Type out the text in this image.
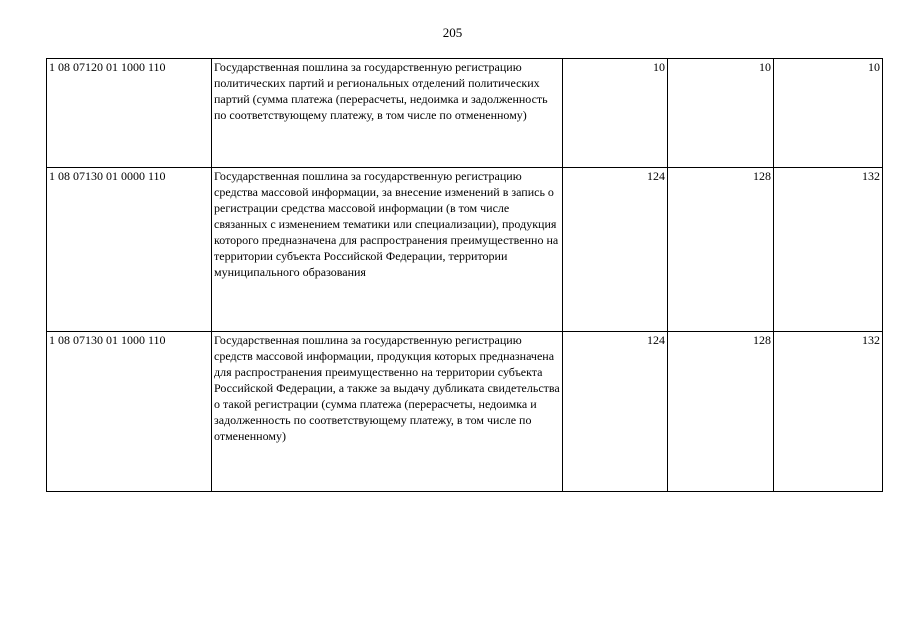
205
1 08 07120 01 1000 110	Государственная пошлина за государственную регистрацию политических партий и региональных отделений политических партий (сумма платежа (перерасчеты, недоимка и задолженность по соответствующему платежу, в том числе по отмененному)	10	10	10

1 08 07130 01 0000 110	Государственная пошлина за государственную регистрацию средства массовой информации, за внесение изменений в запись о регистрации средства массовой информации (в том числе связанных с изменением тематики или специализации), продукция которого предназначена для распространения преимущественно на территории субъекта Российской Федерации, территории муниципального образования	124	128	132

1 08 07130 01 1000 110	Государственная пошлина за государственную регистрацию средств массовой информации, продукция которых предназначена для распространения преимущественно на территории субъекта Российской Федерации, а также за выдачу дубликата свидетельства о такой регистрации (сумма платежа (перерасчеты, недоимка и задолженность по соответствующему платежу, в том числе по отмененному)	124	128	132
